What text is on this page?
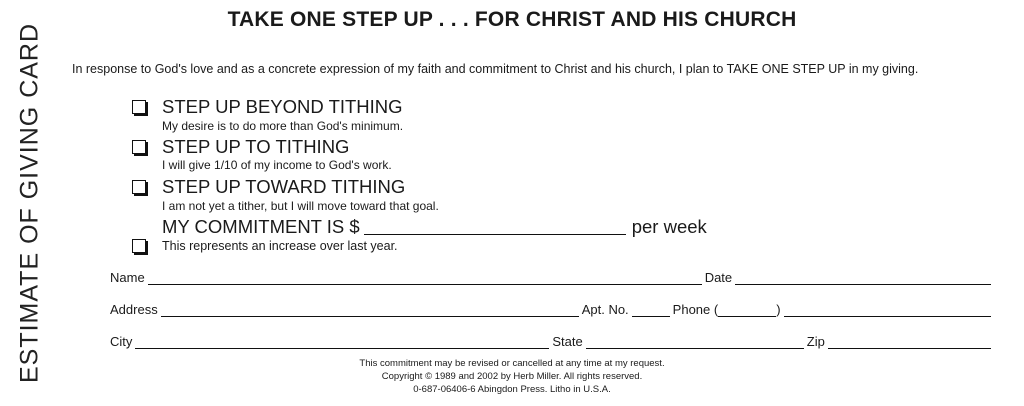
ESTIMATE OF GIVING CARD
TAKE ONE STEP UP . . . FOR CHRIST AND HIS CHURCH
In response to God's love and as a concrete expression of my faith and commitment to Christ and his church, I plan to TAKE ONE STEP UP in my giving.
STEP UP BEYOND TITHING
My desire is to do more than God's minimum.
STEP UP TO TITHING
I will give 1/10 of my income to God's work.
STEP UP TOWARD TITHING
I am not yet a tither, but I will move toward that goal.
MY COMMITMENT IS $	per week
This represents an increase over last year.
Name	Date
Address	Apt. No.	Phone (	)
City	State	Zip
This commitment may be revised or cancelled at any time at my request.
Copyright © 1989 and 2002 by Herb Miller. All rights reserved.
0-687-06406-6 Abingdon Press. Litho in U.S.A.
